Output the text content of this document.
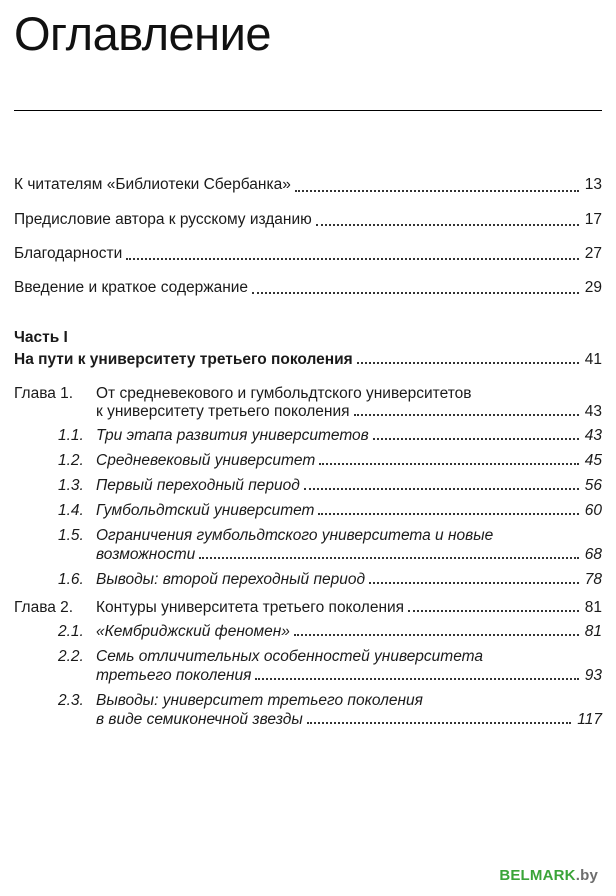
Оглавление
К читателям «Библиотеки Сбербанка»	13
Предисловие автора к русскому изданию	17
Благодарности	27
Введение и краткое содержание	29
Часть I
На пути к университету третьего поколения	41
Глава 1.	От средневекового и гумбольдтского университетов
к университету третьего поколения	43
1.1. Три этапа развития университетов	43
1.2. Средневековый университет	45
1.3. Первый переходный период	56
1.4. Гумбольдтский университет	60
1.5. Ограничения гумбольдтского университета и новые
возможности	68
1.6. Выводы: второй переходный период	78
Глава 2.	Контуры университета третьего поколения	81
2.1. «Кембриджский феномен»	81
2.2. Семь отличительных особенностей университета
третьего поколения	93
2.3. Выводы: университет третьего поколения
в виде семиконечной звезды	117
BELMARK.by
